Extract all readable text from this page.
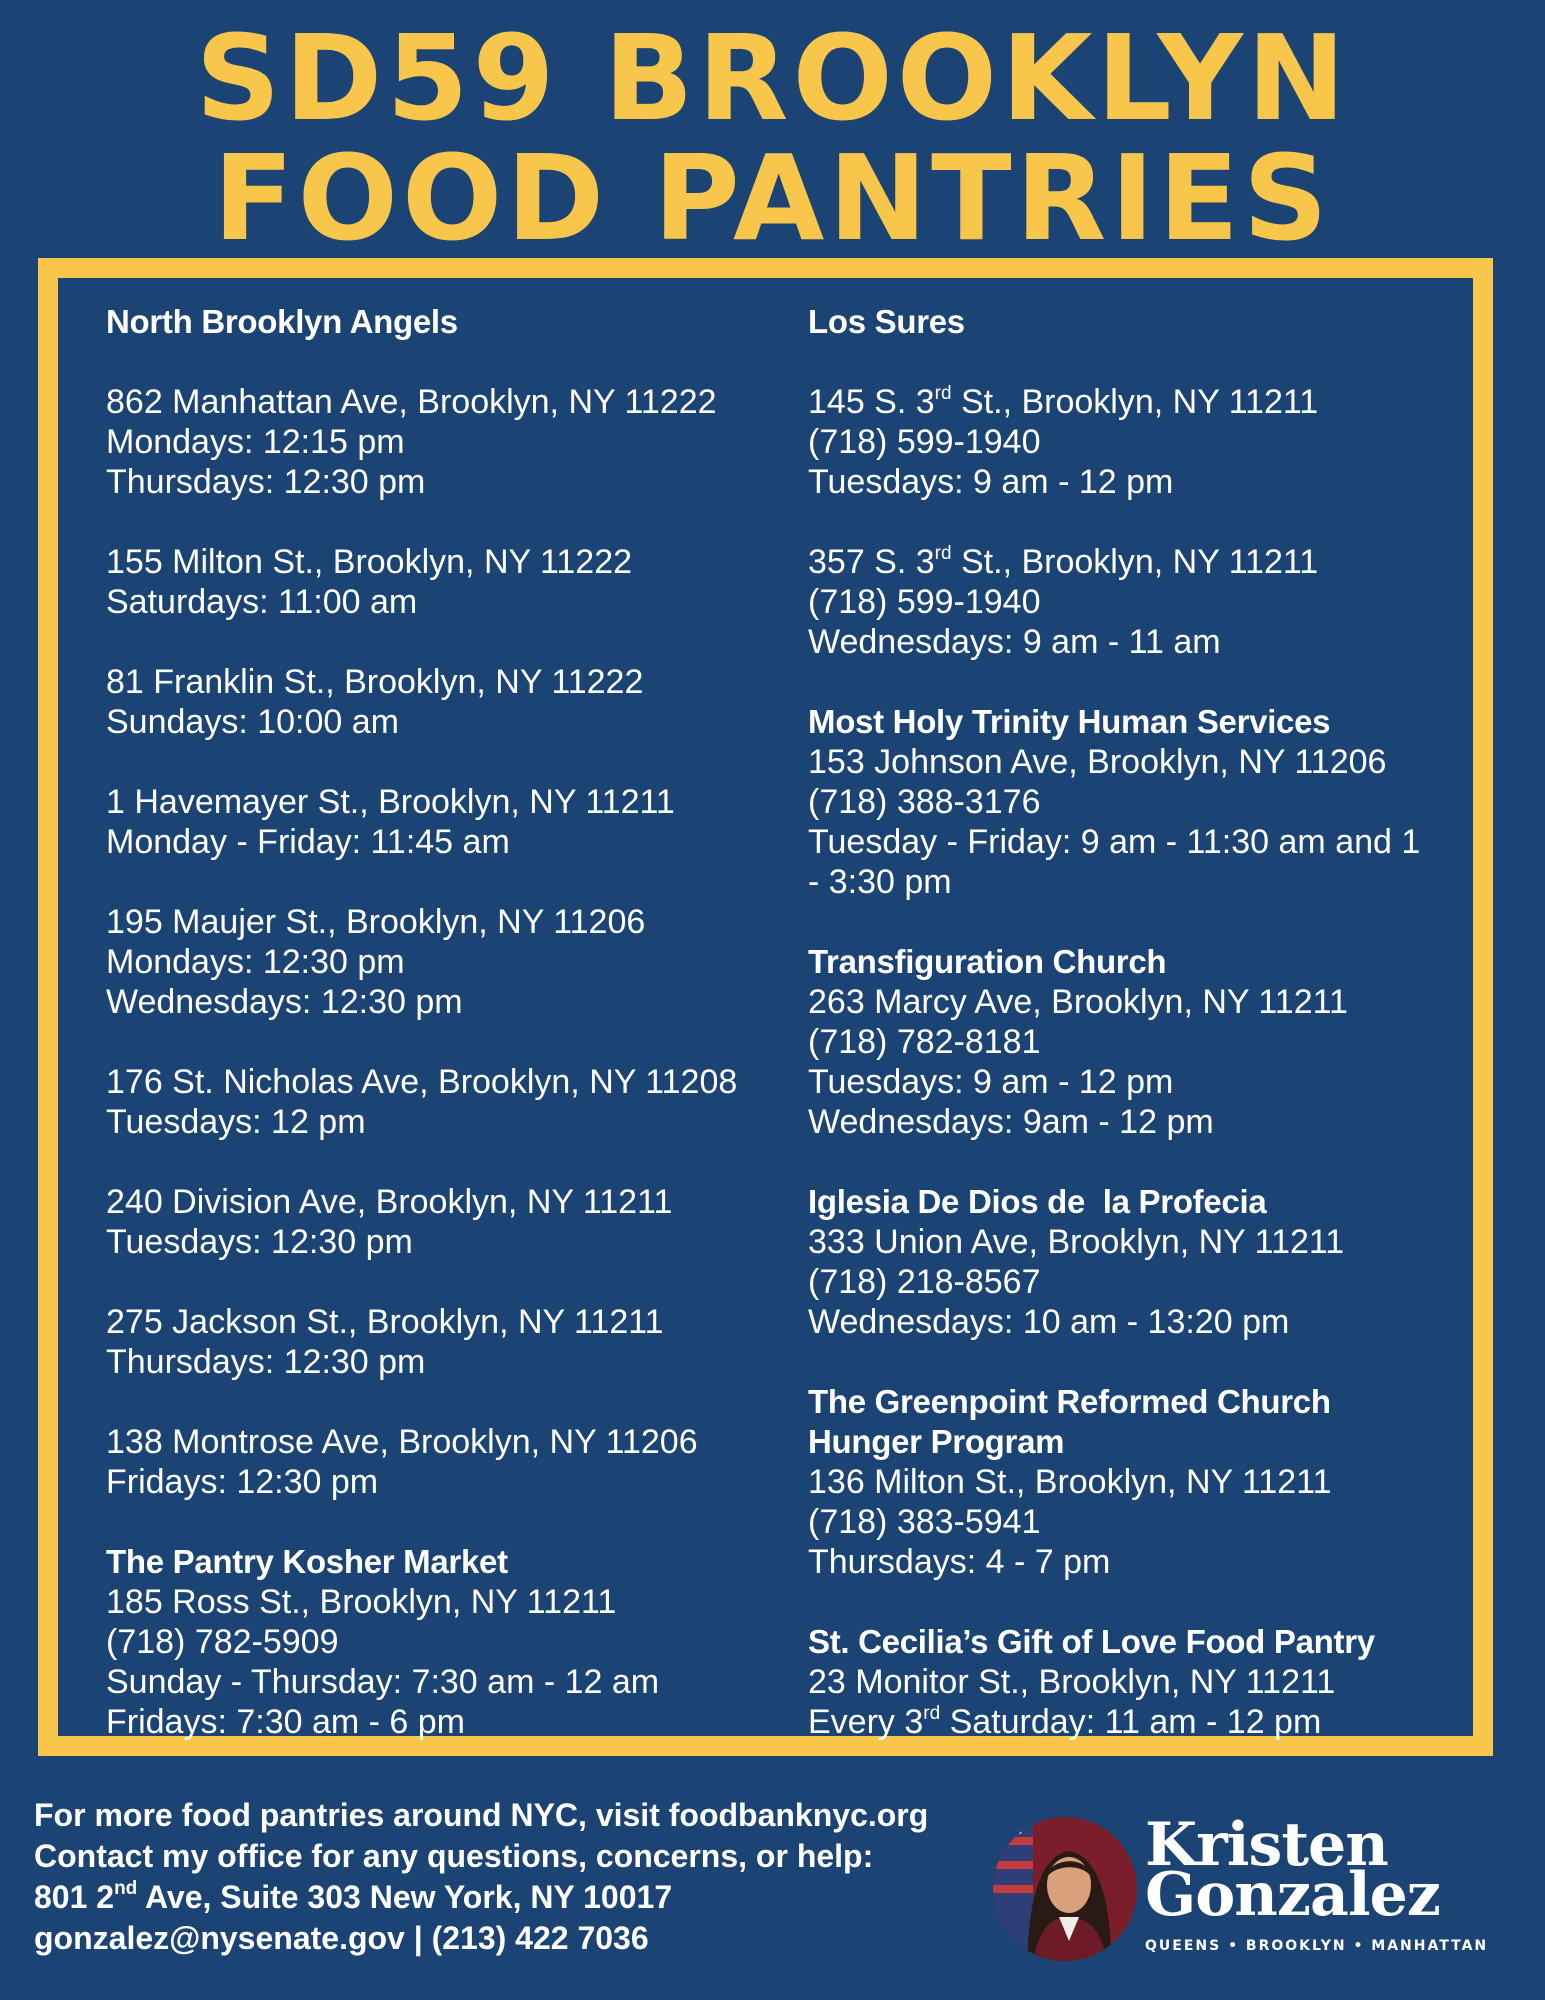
SD59 BROOKLYN
FOOD PANTRIES
North Brooklyn Angels
862 Manhattan Ave, Brooklyn, NY 11222
Mondays: 12:15 pm
Thursdays: 12:30 pm
155 Milton St., Brooklyn, NY 11222
Saturdays: 11:00 am
81 Franklin St., Brooklyn, NY 11222
Sundays: 10:00 am
1 Havemayer St., Brooklyn, NY 11211
Monday - Friday: 11:45 am
195 Maujer St., Brooklyn, NY 11206
Mondays: 12:30 pm
Wednesdays: 12:30 pm
176 St. Nicholas Ave, Brooklyn, NY 11208
Tuesdays: 12 pm
240 Division Ave, Brooklyn, NY 11211
Tuesdays: 12:30 pm
275 Jackson St., Brooklyn, NY 11211
Thursdays: 12:30 pm
138 Montrose Ave, Brooklyn, NY 11206
Fridays: 12:30 pm
The Pantry Kosher Market
185 Ross St., Brooklyn, NY 11211
(718) 782-5909
Sunday - Thursday: 7:30 am - 12 am
Fridays: 7:30 am - 6 pm
Los Sures
145 S. 3rd St., Brooklyn, NY 11211
(718) 599-1940
Tuesdays: 9 am - 12 pm
357 S. 3rd St., Brooklyn, NY 11211
(718) 599-1940
Wednesdays: 9 am - 11 am
Most Holy Trinity Human Services
153 Johnson Ave, Brooklyn, NY 11206
(718) 388-3176
Tuesday - Friday: 9 am - 11:30 am and 1 - 3:30 pm
Transfiguration Church
263 Marcy Ave, Brooklyn, NY 11211
(718) 782-8181
Tuesdays: 9 am - 12 pm
Wednesdays: 9am - 12 pm
Iglesia De Dios de  la Profecia
333 Union Ave, Brooklyn, NY 11211
(718) 218-8567
Wednesdays: 10 am - 13:20 pm
The Greenpoint Reformed Church
Hunger Program
136 Milton St., Brooklyn, NY 11211
(718) 383-5941
Thursdays: 4 - 7 pm
St. Cecilia’s Gift of Love Food Pantry
23 Monitor St., Brooklyn, NY 11211
Every 3rd Saturday: 11 am - 12 pm
For more food pantries around NYC, visit foodbanknyc.org
Contact my office for any questions, concerns, or help:
801 2nd Ave, Suite 303 New York, NY 10017
gonzalez@nysenate.gov | (213) 422 7036
Kristen
Gonzalez
QUEENS • BROOKLYN • MANHATTAN
